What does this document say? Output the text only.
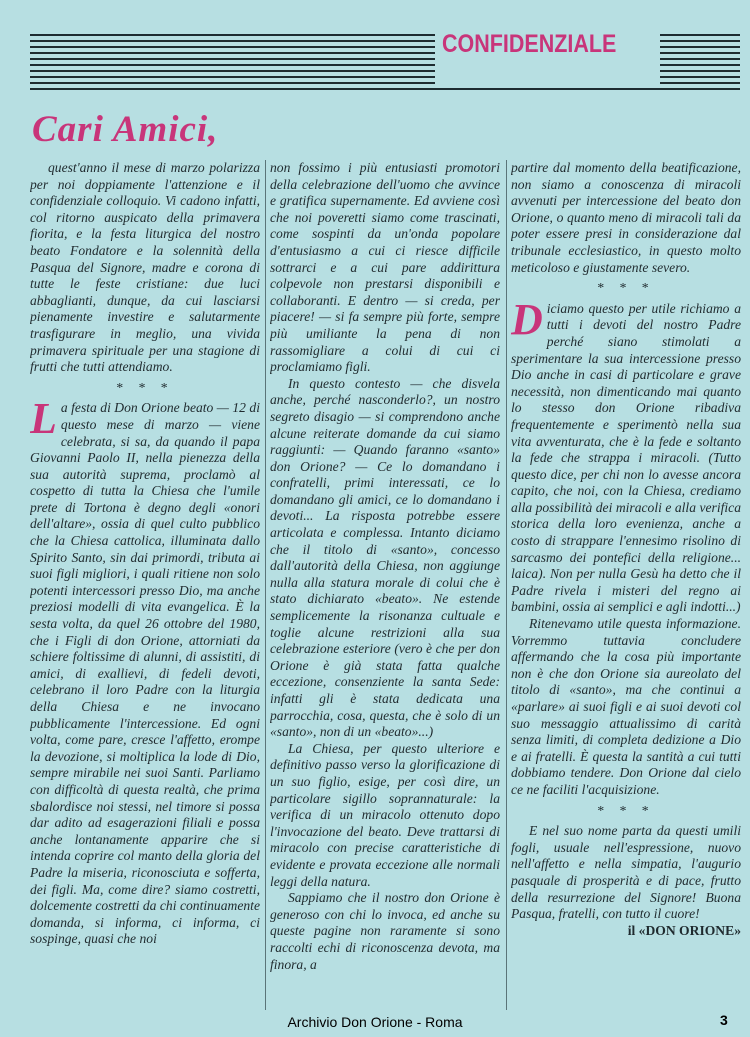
CONFIDENZIALE
Cari Amici,

quest'anno il mese di marzo polarizza per noi doppiamente l'attenzione e il confidenziale colloquio. Vi cadono infatti, col ritorno auspicato della primavera fiorita, e la festa liturgica del nostro beato Fondatore e la solennità della Pasqua del Signore, madre e corona di tutte le feste cristiane: due luci abbaglianti, dunque, da cui lasciarsi pienamente investire e salutarmente trasfigurare in meglio, una vivida primavera spirituale per una stagione di frutti che tutti attendiamo.

* * *

La festa di Don Orione beato — 12 di questo mese di marzo — viene celebrata, si sa, da quando il papa Giovanni Paolo II, nella pienezza della sua autorità suprema, proclamò al cospetto di tutta la Chiesa che l'umile prete di Tortona è degno degli «onori dell'altare», ossia di quel culto pubblico che la Chiesa cattolica, illuminata dallo Spirito Santo, sin dai primordi, tributa ai suoi figli migliori, i quali ritiene non solo potenti intercessori presso Dio, ma anche preziosi modelli di vita evangelica. È la sesta volta, da quel 26 ottobre del 1980, che i Figli di don Orione, attorniati da schiere foltissime di alunni, di assistiti, di amici, di exallievi, di fedeli devoti, celebrano il loro Padre con la liturgia della Chiesa e ne invocano pubblicamente l'intercessione. Ed ogni volta, come pare, cresce l'affetto, erompe la devozione, si moltiplica la lode di Dio, sempre mirabile nei suoi Santi. Parliamo con difficoltà di questa realtà, che prima sbalordisce noi stessi, nel timore si possa dar adito ad esagerazioni filiali e possa anche lontanamente apparire che si intenda coprire col manto della gloria del Padre la miseria, riconosciuta e sofferta, dei figli. Ma, come dire? siamo costretti, dolcemente costretti da chi continuamente domanda, si informa, ci informa, ci sospinge, quasi che noi

non fossimo i più entusiasti promotori della celebrazione dell'uomo che avvince e gratifica supernamente. Ed avviene così che noi poveretti siamo come trascinati, come sospinti da un'onda popolare d'entusiasmo a cui ci riesce difficile sottrarci e a cui pare addirittura colpevole non prestarsi disponibili e collaboranti. E dentro — si creda, per piacere! — si fa sempre più forte, sempre più umiliante la pena di non rassomigliare a colui di cui ci proclamiamo figli.

In questo contesto — che disvela anche, perché nasconderlo?, un nostro segreto disagio — si comprendono anche alcune reiterate domande da cui siamo raggiunti: — Quando faranno «santo» don Orione? — Ce lo domandano i confratelli, primi interessati, ce lo domandano gli amici, ce lo domandano i devoti... La risposta potrebbe essere articolata e complessa. Intanto diciamo che il titolo di «santo», concesso dall'autorità della Chiesa, non aggiunge nulla alla statura morale di colui che è stato dichiarato «beato». Ne estende semplicemente la risonanza cultuale e toglie alcune restrizioni alla sua celebrazione esteriore (vero è che per don Orione è già stata fatta qualche eccezione, consenziente la santa Sede: infatti gli è stata dedicata una parrocchia, cosa, questa, che è solo di un «santo», non di un «beato»...)

La Chiesa, per questo ulteriore e definitivo passo verso la glorificazione di un suo figlio, esige, per così dire, un particolare sigillo soprannaturale: la verifica di un miracolo ottenuto dopo l'invocazione del beato. Deve trattarsi di miracolo con precise caratteristiche di evidente e provata eccezione alle normali leggi della natura.

Sappiamo che il nostro don Orione è generoso con chi lo invoca, ed anche su queste pagine non raramente si sono raccolti echi di riconoscenza devota, ma finora, a

partire dal momento della beatificazione, non siamo a conoscenza di miracoli avvenuti per intercessione del beato don Orione, o quanto meno di miracoli tali da poter essere presi in considerazione dal tribunale ecclesiastico, in questo molto meticoloso e giustamente severo.

* * *

Diciamo questo per utile richiamo a tutti i devoti del nostro Padre perché siano stimolati a sperimentare la sua intercessione presso Dio anche in casi di particolare e grave necessità, non dimenticando mai quanto lo stesso don Orione ribadiva frequentemente e sperimentò nella sua vita avventurata, che è la fede e soltanto la fede che strappa i miracoli. (Tutto questo dice, per chi non lo avesse ancora capito, che noi, con la Chiesa, crediamo alla possibilità dei miracoli e alla verifica storica della loro evenienza, anche a costo di strappare l'ennesimo risolino di sarcasmo dei pontefici della religione... laica). Non per nulla Gesù ha detto che il Padre rivela i misteri del regno ai bambini, ossia ai semplici e agli indotti...)

Ritenevamo utile questa informazione. Vorremmo tuttavia concludere affermando che la cosa più importante non è che don Orione sia aureolato del titolo di «santo», ma che continui a «parlare» ai suoi figli e ai suoi devoti col suo messaggio attualissimo di carità senza limiti, di completa dedizione a Dio e ai fratelli. È questa la santità a cui tutti dobbiamo tendere. Don Orione dal cielo ce ne faciliti l'acquisizione.

* * *

E nel suo nome parta da questi umili fogli, usuale nell'espressione, nuovo nell'affetto e nella simpatia, l'augurio pasquale di prosperità e di pace, frutto della resurrezione del Signore! Buona Pasqua, fratelli, con tutto il cuore!

il «DON ORIONE»
Archivio Don Orione - Roma	3
